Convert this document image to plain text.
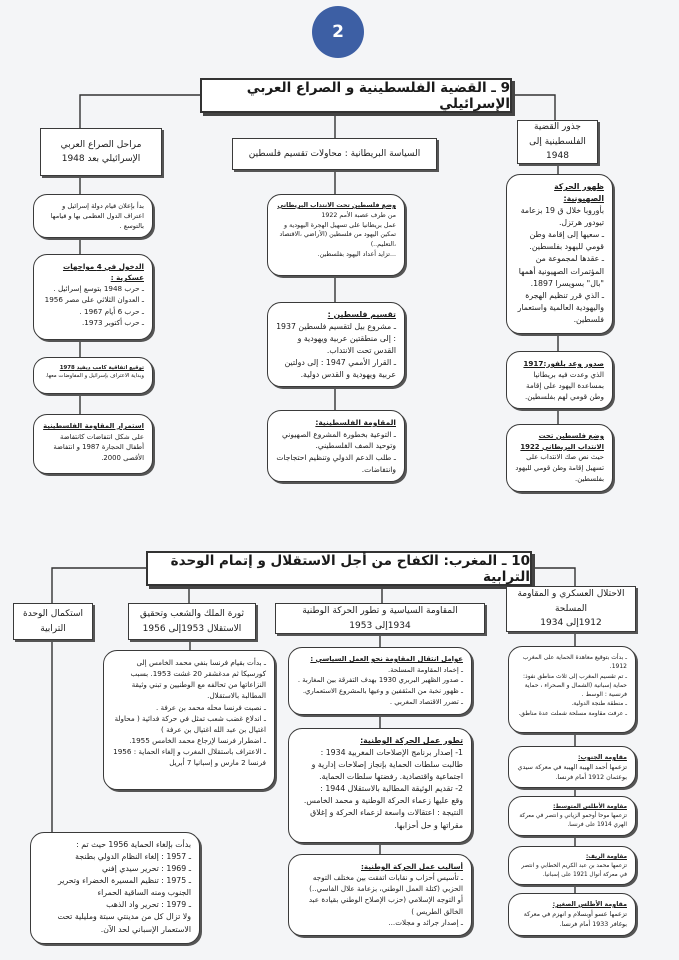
2
9 ـ القضية الفلسطينية و الصراع العربي الإسرائيلي
جذور القضية
الفلسطينية إلى 1948
السياسة البريطانية : محاولات تقسيم فلسطين
مراحل الصراع العربي
الإسرائيلي بعد 1948
ظهور الحركة الصهيونية:
بأوروبا خلال ق 19 بزعامة تيودور هرتزل.
ـ سعيها إلى إقامة وطن قومي لليهود بفلسطين.
ـ عقدها لمجموعة من المؤتمرات الصهيونية أهمها "بال" بسويسرا 1897.
ـ الذي قرر تنظيم الهجرة واليهودية العالمية واستعمار فلسطين.
صدور وعد بلفور:1917
الذي وعدت فيه بريطانيا بمساعدة اليهود على إقامة وطن قومي لهم بفلسطين.
وضع فلسطين تحت الانتداب البريطاني 1922
حيث نص صك الانتداب على تسهيل إقامة وطن قومي لليهود بفلسطين.
وضع فلسطين تحت الانتداب البريطاني
من طرف عصبة الأمم 1922
عمل بريطانيا على تسهيل الهجرة اليهودية و تمكين اليهود من فلسطين (الأراضي ،الاقتصاد ،التعليم..)
...تزايد أعداد اليهود بفلسطين.
تقسيم فلسطين :
ـ مشروع بيل لتقسيم فلسطين 1937 : إلى منطقتين عربية ويهودية و القدس تحت الانتداب.
ـ القرار الأممي 1947 : إلى دولتين عربية ويهودية و القدس دولية.
المقاومة الفلسطينية:
ـ التوعية بخطورة المشروع الصهيوني وتوحيد الصف الفلسطيني.
ـ طلب الدعم الدولي وتنظيم احتجاجات وانتفاضات.
بدأ بإعلان قيام دولة إسرائيل و اعتراف الدول العظمى بها و قيامها بالتوسع .
الدخول في 4 مواجهات عسكرية :
ـ حرب 1948 بتوسع إسرائيل .
ـ العدوان الثلاثي على مصر 1956
ـ حرب 6 أيام 1967 .
ـ حرب أكتوبر 1973.
توقيع اتفاقية كامب ديفيد 1978
وبداية الاعتراف بإسرائيل و المفاوضات معها.
استمرار المقاومة الفلسطينية
على شكل انتفاضات كانتفاضة أطفال الحجارة 1987 و انتفاضة الأقصى 2000.
10 ـ المغرب: الكفاح من أجل الاستقلال و إتمام الوحدة الترابية
الاحتلال العسكري و المقاومة
المسلحة
1912إلى 1934
المقاومة السياسية و تطور الحركة الوطنية
1934إلى 1953
ثورة الملك والشعب وتحقيق
الاستقلال 1953إلى 1956
استكمال الوحدة
الترابية
ـ بدأت بتوقيع معاهدة الحماية على المغرب 1912.
ـ تم تقسيم المغرب إلى ثلاث مناطق نفوذ: حماية إسبانية (الشمال و الصحراء ، حماية فرنسية : الوسط .
ـ منطقة طنجة الدولية.
ـ عرفت مقاومة مسلحة شملت عدة مناطق.
مقاومة الجنوب:
تزعمها أحمد الهيبة الهيبة في معركة سيدي بوعثمان 1912 أمام فرنسا.
مقاومة الأطلس المتوسط:
تزعمها موحا أوحمو الزياني و انتصر في معركة الهري 1914 على فرنسا.
مقاومة الريف:
تزعمها محمد بن عبد الكريم الخطابي و انتصر في معركة أنوال 1921 على إسبانيا.
مقاومة الأطلس الصغير:
تزعمها عسو أوبسلام و انهزم في معركة بوغافر 1933 أمام فرنسا.
عوامل انتقال المقاومة نحو العمل السياسي :
ـ إخماد المقاومة المسلحة.
ـ صدور الظهير البربري 1930 بهدف التفرقة بين المغاربة .
ـ ظهور نخبة من المثقفين و وعيها بالمشروع الاستعماري.
ـ تضرر الاقتصاد المغربي .
تطور عمل الحركة الوطنية:
1- إصدار برنامج الإصلاحات المغربية 1934 :
طالبت سلطات الحماية بإنجاز إصلاحات إدارية و اجتماعية واقتصادية. رفضتها سلطات الحماية.
2- تقديم الوثيقة المطالبة بالاستقلال 1944 :
وقع عليها زعماء الحركة الوطنية و محمد الخامس.
النتيجة : اعتقالات واسعة لزعماء الحركة و إغلاق مقراتها و حل أحزابها.
أساليب عمل الحركة الوطنية:
ـ تأسيس أحزاب و نقابات اتفقت بين مختلف التوجه الحزبي (كتلة العمل الوطني، بزعامة علال الفاسي..)
أو التوجه الإسلامي (حزب الإصلاح الوطني بقيادة عبد الخالق الطريس )
ـ إصدار جرائد و مجلات...
ـ بدأت بقيام فرنسا بنفي محمد الخامس إلى كورسيكا ثم مدغشقر 20 غشت 1953. بسبب النزاعاتها من تحالفه مع الوطنيين و تبني وثيقة المطالبة بالاستقلال.
ـ نصبت فرنسا محله محمد بن عرفة .
ـ اندلاع غضب شعب تمثل في حركة فدائية ( محاولة اغتيال بن عبد الله اغتيال بن عرفة )
ـ اضطرار فرنسا لإرجاع محمد الخامس 1955.
ـ الاعتراف باستقلال المغرب و إلغاء الحماية : 1956
فرنسا 2 مارس و إسبانيا 7 أبريل
بدأت بإلغاء الحماية 1956 حيث تم :
ـ 1957 : إلغاء النظام الدولي بطنجة
ـ 1969 : تحرير سيدي إفني
ـ 1975 : تنظيم المسيرة الخضراء وتحرير الجنوب ومنه الساقية الحمراء
ـ 1979 : تحرير واد الذهب
ولا تزال كل من مدينتي سبتة ومليلية تحت الاستعمار الإسباني لحد الآن.
